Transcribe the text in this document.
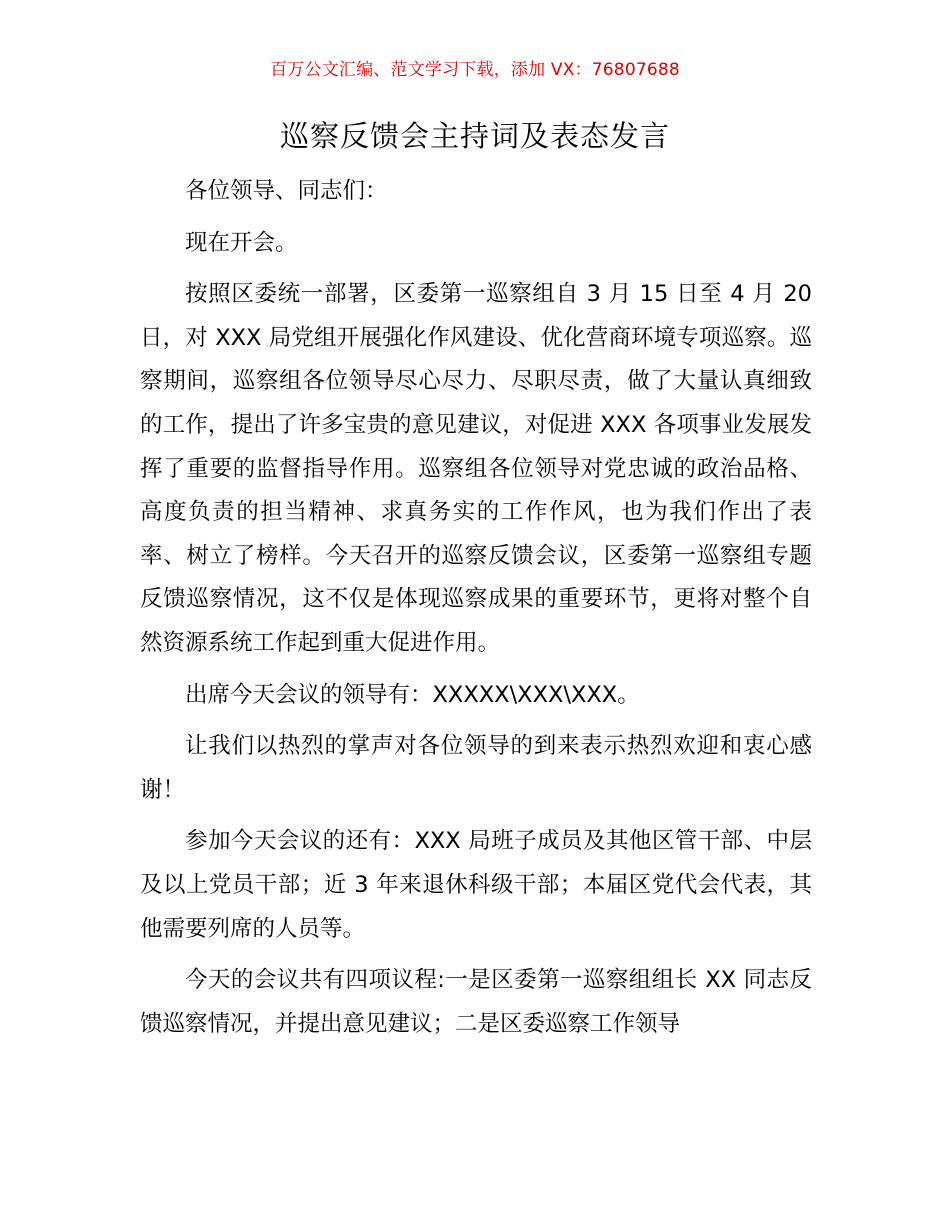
百万公文汇编、范文学习下载，添加 VX：76807688
巡察反馈会主持词及表态发言

各位领导、同志们：

现在开会。

按照区委统一部署，区委第一巡察组自 3 月 15 日至 4 月 20 日，对 XXX 局党组开展强化作风建设、优化营商环境专项巡察。巡察期间，巡察组各位领导尽心尽力、尽职尽责，做了大量认真细致的工作，提出了许多宝贵的意见建议，对促进 XXX 各项事业发展发挥了重要的监督指导作用。巡察组各位领导对党忠诚的政治品格、高度负责的担当精神、求真务实的工作作风，也为我们作出了表率、树立了榜样。今天召开的巡察反馈会议，区委第一巡察组专题反馈巡察情况，这不仅是体现巡察成果的重要环节，更将对整个自然资源系统工作起到重大促进作用。

出席今天会议的领导有：XXXXX\XXX\XXX。

让我们以热烈的掌声对各位领导的到来表示热烈欢迎和衷心感谢！

参加今天会议的还有：XXX 局班子成员及其他区管干部、中层及以上党员干部；近 3 年来退休科级干部；本届区党代会代表，其他需要列席的人员等。

今天的会议共有四项议程:一是区委第一巡察组组长 XX 同志反馈巡察情况，并提出意见建议；二是区委巡察工作领导
